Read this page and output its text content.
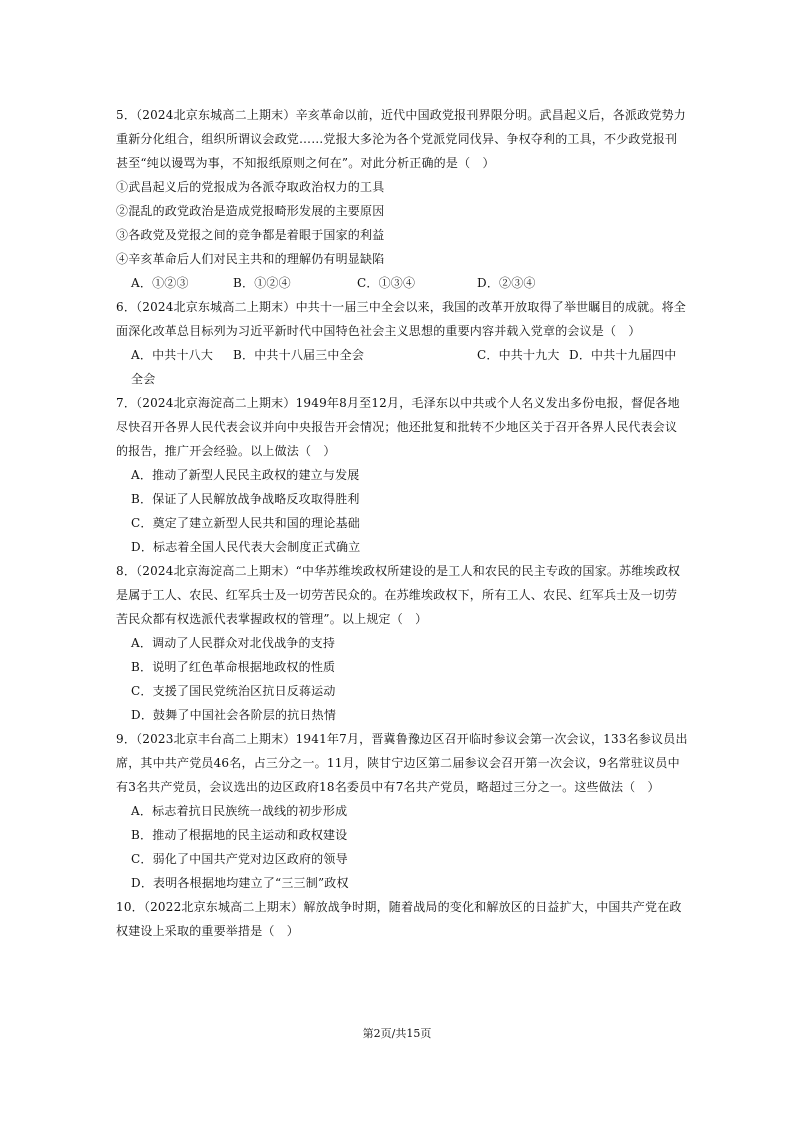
5．（2024北京东城高二上期末）辛亥革命以前，近代中国政党报刊界限分明。武昌起义后，各派政党势力
重新分化组合，组织所谓议会政党……党报大多沦为各个党派党同伐异、争权夺利的工具，不少政党报刊
甚至“纯以谩骂为事，不知报纸原则之何在”。对此分析正确的是（　）
①武昌起义后的党报成为各派夺取政治权力的工具
②混乱的政党政治是造成党报畸形发展的主要原因
③各政党及党报之间的竞争都是着眼于国家的利益
④辛亥革命后人们对民主共和的理解仍有明显缺陷
A．①②③	B．①②④	C．①③④	D．②③④
6．（2024北京东城高二上期末）中共十一届三中全会以来，我国的改革开放取得了举世瞩目的成就。将全
面深化改革总目标列为习近平新时代中国特色社会主义思想的重要内容并载入党章的会议是（　）
A．中共十八大 B．中共十八届三中全会	C．中共十九大 D．中共十九届四中
全会
7．（2024北京海淀高二上期末）1949年8月至12月，毛泽东以中共或个人名义发出多份电报，督促各地
尽快召开各界人民代表会议并向中央报告开会情况；他还批复和批转不少地区关于召开各界人民代表会议
的报告，推广开会经验。以上做法（　）
A．推动了新型人民民主政权的建立与发展
B．保证了人民解放战争战略反攻取得胜利
C．奠定了建立新型人民共和国的理论基础
D．标志着全国人民代表大会制度正式确立
8．（2024北京海淀高二上期末）“中华苏维埃政权所建设的是工人和农民的民主专政的国家。苏维埃政权
是属于工人、农民、红军兵士及一切劳苦民众的。在苏维埃政权下，所有工人、农民、红军兵士及一切劳
苦民众都有权选派代表掌握政权的管理”。以上规定（　）
A．调动了人民群众对北伐战争的支持
B．说明了红色革命根据地政权的性质
C．支援了国民党统治区抗日反蒋运动
D．鼓舞了中国社会各阶层的抗日热情
9．（2023北京丰台高二上期末）1941年7月，晋冀鲁豫边区召开临时参议会第一次会议，133名参议员出
席，其中共产党员46名，占三分之一。11月，陕甘宁边区第二届参议会召开第一次会议，9名常驻议员中
有3名共产党员，会议选出的边区政府18名委员中有7名共产党员，略超过三分之一。这些做法（　）
A．标志着抗日民族统一战线的初步形成
B．推动了根据地的民主运动和政权建设
C．弱化了中国共产党对边区政府的领导
D．表明各根据地均建立了“三三制”政权
10．（2022北京东城高二上期末）解放战争时期，随着战局的变化和解放区的日益扩大，中国共产党在政
权建设上采取的重要举措是（　）
第2页/共15页
